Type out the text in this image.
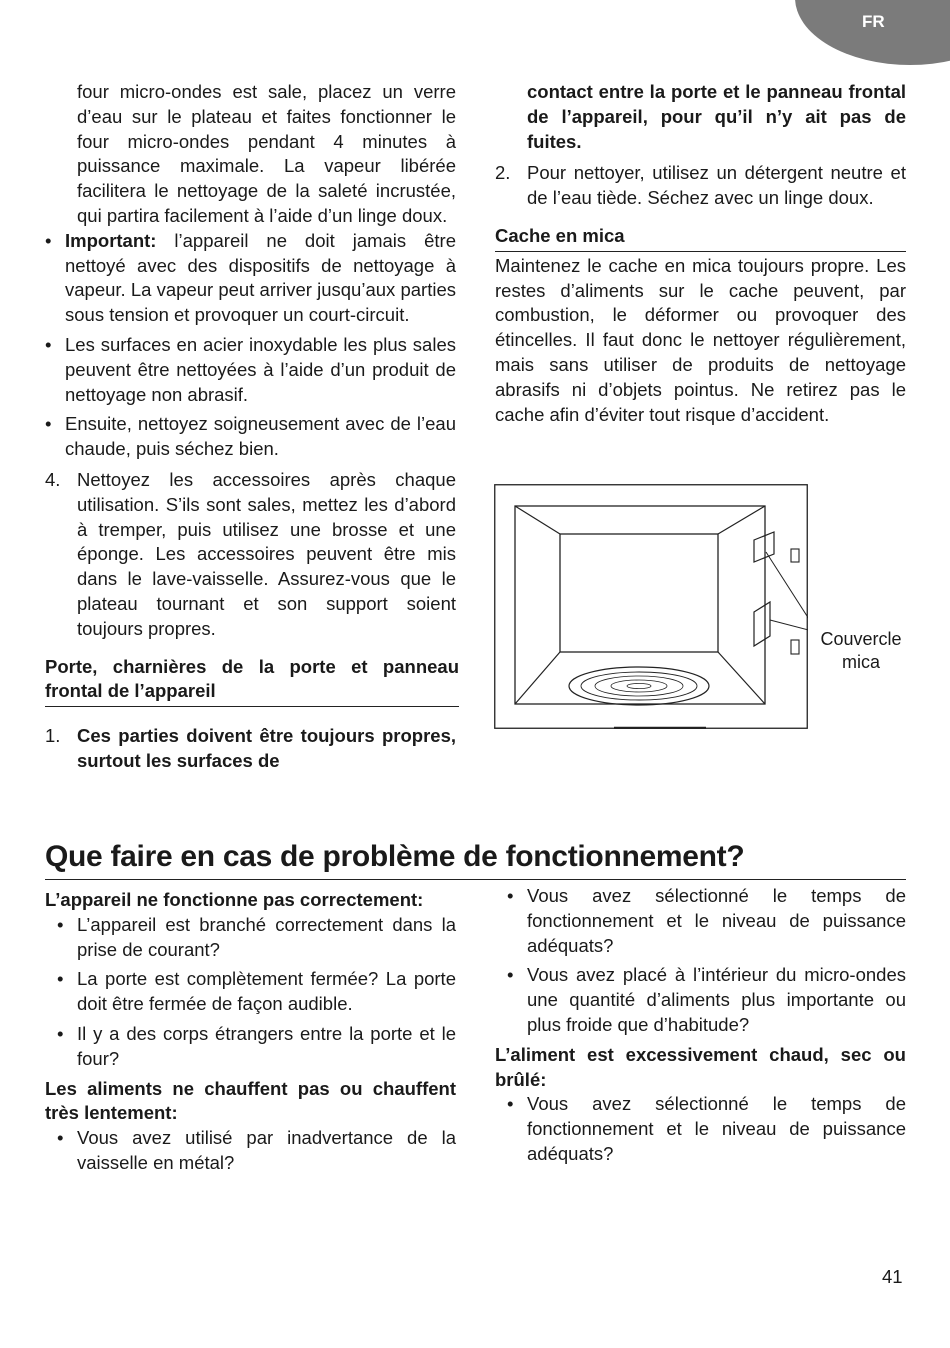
FR

four micro-ondes est sale, placez un verre d’eau sur le plateau et faites fonctionner le four micro-ondes pendant 4 minutes à puissance maximale. La vapeur libérée facilitera le nettoyage de la saleté incrustée, qui partira facilement à l’aide d’un linge doux.

• Important: l’appareil ne doit jamais être nettoyé avec des dispositifs de nettoyage à vapeur. La vapeur peut arriver jusqu’aux parties sous tension et provoquer un court-circuit.
• Les surfaces en acier inoxydable les plus sales peuvent être nettoyées à l’aide d’un produit de nettoyage non abrasif.
• Ensuite, nettoyez soigneusement avec de l’eau chaude, puis séchez bien.
4. Nettoyez les accessoires après chaque utilisation. S’ils sont sales, mettez les d’abord à tremper, puis utilisez une brosse et une éponge. Les accessoires peuvent être mis dans le lave-vaisselle. Assurez-vous que le plateau tournant et son support soient toujours propres.

Porte, charnières de la porte et panneau frontal de l’appareil

1. Ces parties doivent être toujours propres, surtout les surfaces de

contact entre la porte et le panneau frontal de l’appareil, pour qu’il n’y ait pas de fuites.

2. Pour nettoyer, utilisez un détergent neutre et de l’eau tiède. Séchez avec un linge doux.

Cache en mica

Maintenez le cache en mica toujours propre. Les restes d’aliments sur le cache peuvent, par combustion, le déformer ou provoquer des étincelles. Il faut donc le nettoyer régulièrement, mais sans utiliser de produits de nettoyage abrasifs ni d’objets pointus. Ne retirez pas le cache afin d’éviter tout risque d’accident.

Couvercle
mica
Que faire en cas de problème de fonctionnement?

L’appareil ne fonctionne pas correctement:

• L’appareil est branché correctement dans la prise de courant?
• La porte est complètement fermée? La porte doit être fermée de façon audible.
• Il y a des corps étrangers entre la porte et le four?

Les aliments ne chauffent pas ou chauffent très lentement:

• Vous avez utilisé par inadvertance de la vaisselle en métal?
• Vous avez sélectionné le temps de fonctionnement et le niveau de puissance adéquats?
• Vous avez placé à l’intérieur du micro-ondes une quantité d’aliments plus importante ou plus froide que d’habitude?

L’aliment est excessivement chaud, sec ou brûlé:

• Vous avez sélectionné le temps de fonctionnement et le niveau de puissance adéquats?
41
